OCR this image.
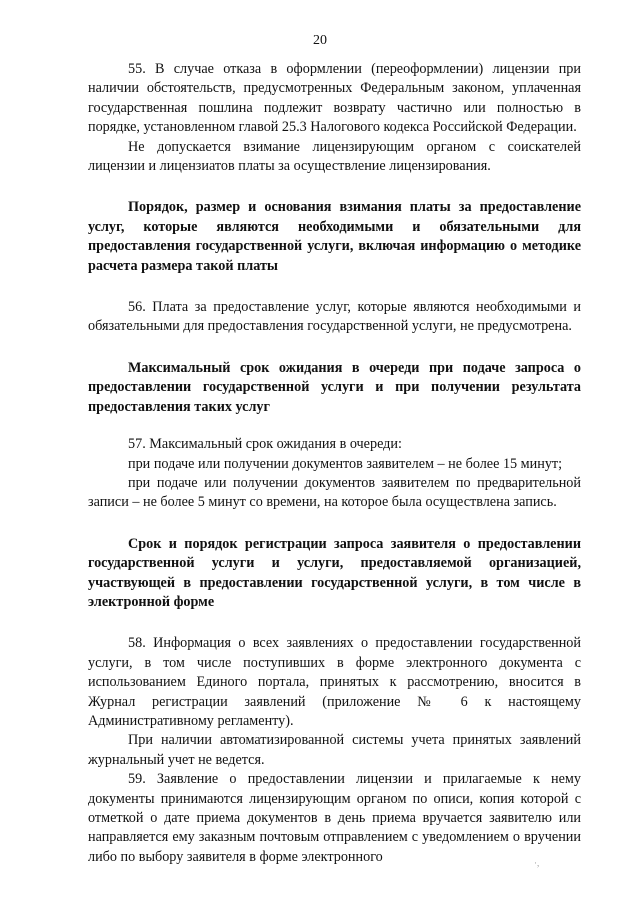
20

55. В случае отказа в оформлении (переоформлении) лицензии при наличии обстоятельств, предусмотренных Федеральным законом, уплаченная государственная пошлина подлежит возврату частично или полностью в порядке, установленном главой 25.3 Налогового кодекса Российской Федерации.

Не допускается взимание лицензирующим органом с соискателей лицензии и лицензиатов платы за осуществление лицензирования.

Порядок, размер и основания взимания платы за предоставление услуг, которые являются необходимыми и обязательными для предоставления государственной услуги, включая информацию о методике расчета размера такой платы

56. Плата за предоставление услуг, которые являются необходимыми и обязательными для предоставления государственной услуги, не предусмотрена.

Максимальный срок ожидания в очереди при подаче запроса о предоставлении государственной услуги и при получении результата предоставления таких услуг

57. Максимальный срок ожидания в очереди:

при подаче или получении документов заявителем – не более 15 минут;

при подаче или получении документов заявителем по предварительной записи – не более 5 минут со времени, на которое была осуществлена запись.

Срок и порядок регистрации запроса заявителя о предоставлении государственной услуги и услуги, предоставляемой организацией, участвующей в предоставлении государственной услуги, в том числе в электронной форме

58. Информация о всех заявлениях о предоставлении государственной услуги, в том числе поступивших в форме электронного документа с использованием Единого портала, принятых к рассмотрению, вносится в Журнал регистрации заявлений (приложение № 6 к настоящему Административному регламенту).

При наличии автоматизированной системы учета принятых заявлений журнальный учет не ведется.

59. Заявление о предоставлении лицензии и прилагаемые к нему документы принимаются лицензирующим органом по описи, копия которой с отметкой о дате приема документов в день приема вручается заявителю или направляется ему заказным почтовым отправлением с уведомлением о вручении либо по выбору заявителя в форме электронного	·,
